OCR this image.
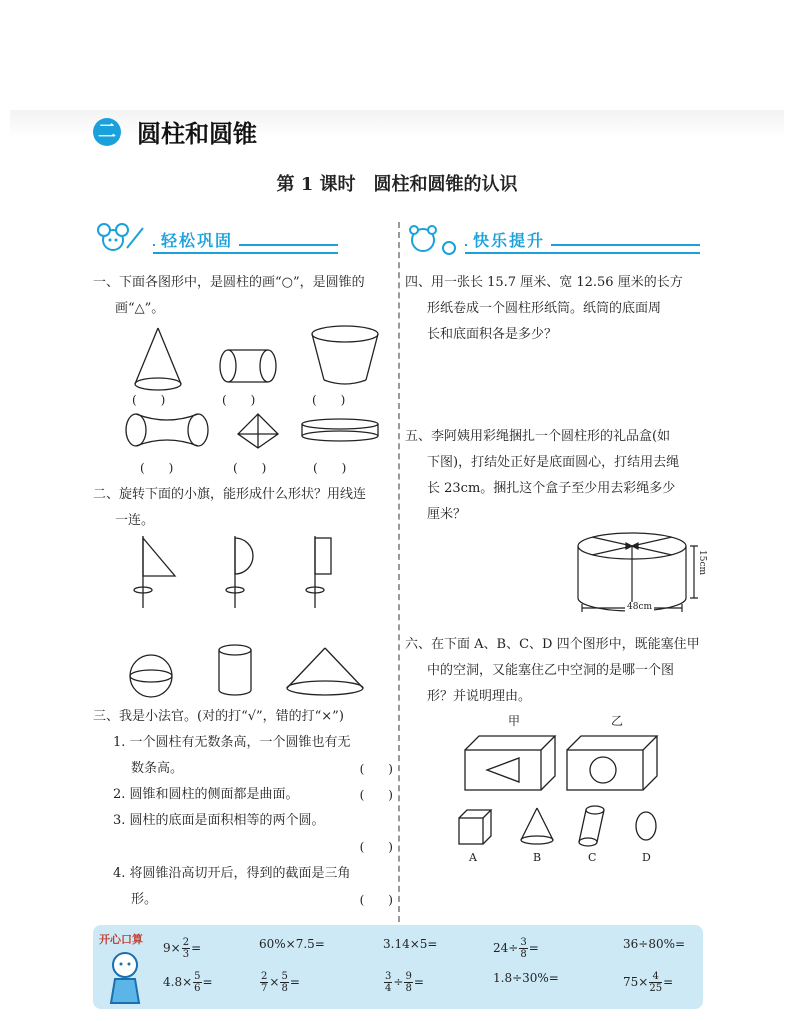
二 圆柱和圆锥
第 1 课时　圆柱和圆锥的认识
轻松巩固	快乐提升

一、下面各图形中，是圆柱的画“○”，是圆锥的

画“△”。

(　　)	(　　)	(　　)
(　　)	(　　)	(　　)

二、旋转下面的小旗，能形成什么形状？用线连

一连。

三、我是小法官。(对的打“√”，错的打“×”)
1. 一个圆柱有无数条高，一个圆锥也有无
数条高。	(　　)
2. 圆锥和圆柱的侧面都是曲面。	(　　)
3. 圆柱的底面是面积相等的两个圆。
(　　)
4. 将圆锥沿高切开后，得到的截面是三角
形。	(　　)

四、用一张长 15.7 厘米、宽 12.56 厘米的长方

形纸卷成一个圆柱形纸筒。纸筒的底面周

长和底面积各是多少？

五、李阿姨用彩绳捆扎一个圆柱形的礼品盒(如

下图)，打结处正好是底面圆心，打结用去绳

长 23cm。捆扎这个盒子至少用去彩绳多少

厘米？

15cm
48cm

六、在下面 A、B、C、D 四个图形中，既能塞住甲

中的空洞，又能塞住乙中空洞的是哪一个图

形？并说明理由。

甲	乙
A	B	C	D
开心口算
$9\times \frac{2}{3}$ =	60%×7.5=	3.14×5=	$24\div \frac{3}{8}$ =	36÷80%=
$4.8\times \frac{5}{6}$ =	$\frac{2}{7} \times \frac{5}{8}$ =	$\frac{3}{4} \div \frac{9}{8}$ =	1.8÷30%=	$75\times \frac{4}{25}$ =
